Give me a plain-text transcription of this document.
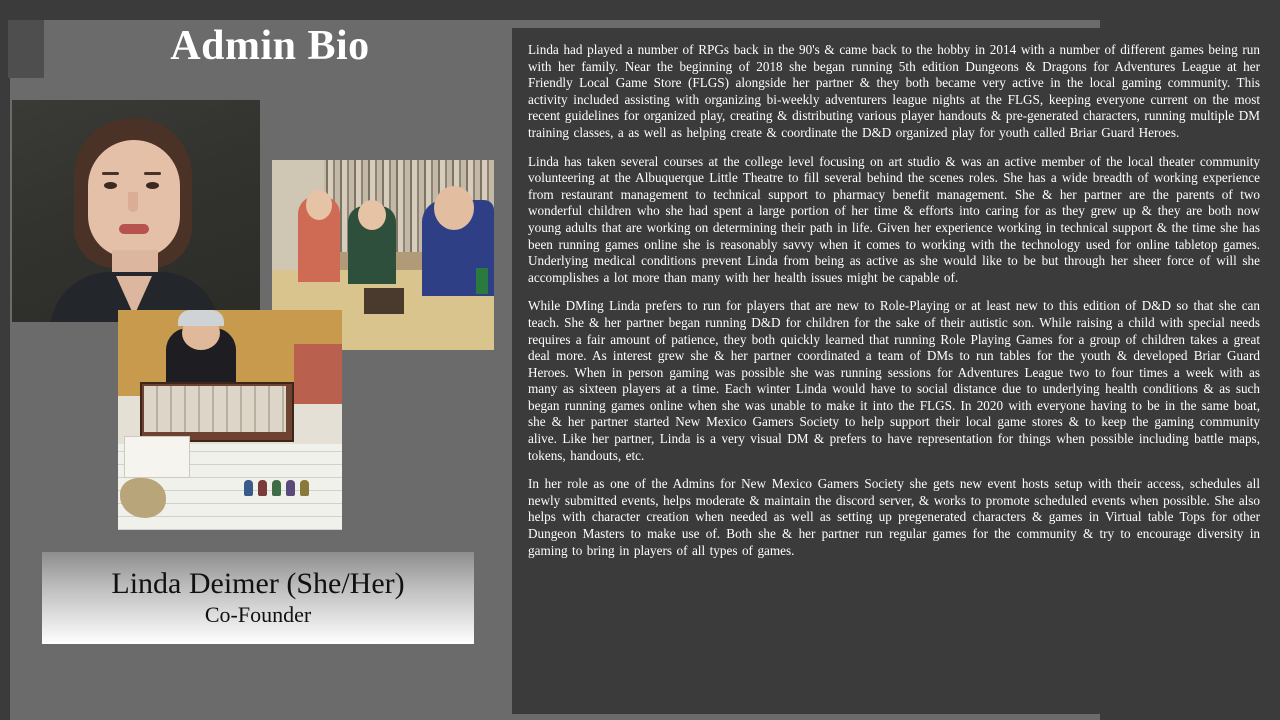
Admin Bio
Linda Deimer (She/Her)
Co-Founder

Linda had played a number of RPGs back in the 90's & came back to the hobby in 2014 with a number of different games being run with her family. Near the beginning of 2018 she began running 5th edition Dungeons & Dragons for Adventures League at her Friendly Local Game Store (FLGS) alongside her partner & they both became very active in the local gaming community. This activity included assisting with organizing bi-weekly adventurers league nights at the FLGS, keeping everyone current on the most recent guidelines for organized play, creating & distributing various player handouts & pre-generated characters, running multiple DM training classes, a as well as helping create & coordinate the D&D organized play for youth called Briar Guard Heroes.

Linda has taken several courses at the college level focusing on art studio & was an active member of the local theater community volunteering at the Albuquerque Little Theatre to fill several behind the scenes roles. She has a wide breadth of working experience from restaurant management to technical support to pharmacy benefit management. She & her partner are the parents of two wonderful children who she had spent a large portion of her time & efforts into caring for as they grew up & they are both now young adults that are working on determining their path in life. Given her experience working in technical support & the time she has been running games online she is reasonably savvy when it comes to working with the technology used for online tabletop games. Underlying medical conditions prevent Linda from being as active as she would like to be but through her sheer force of will she accomplishes a lot more than many with her health issues might be capable of.

While DMing Linda prefers to run for players that are new to Role-Playing or at least new to this edition of D&D so that she can teach. She & her partner began running D&D for children for the sake of their autistic son. While raising a child with special needs requires a fair amount of patience, they both quickly learned that running Role Playing Games for a group of children takes a great deal more. As interest grew she & her partner coordinated a team of DMs to run tables for the youth & developed Briar Guard Heroes. When in person gaming was possible she was running sessions for Adventures League two to four times a week with as many as sixteen players at a time. Each winter Linda would have to social distance due to underlying health conditions & as such began running games online when she was unable to make it into the FLGS. In 2020 with everyone having to be in the same boat, she & her partner started New Mexico Gamers Society to help support their local game stores & to keep the gaming community alive. Like her partner, Linda is a very visual DM & prefers to have representation for things when possible including battle maps, tokens, handouts, etc.

In her role as one of the Admins for New Mexico Gamers Society she gets new event hosts setup with their access, schedules all newly submitted events, helps moderate & maintain the discord server, & works to promote scheduled events when possible. She also helps with character creation when needed as well as setting up pregenerated characters & games in Virtual table Tops for other Dungeon Masters to make use of. Both she & her partner run regular games for the community & try to encourage diversity in gaming to bring in players of all types of games.
